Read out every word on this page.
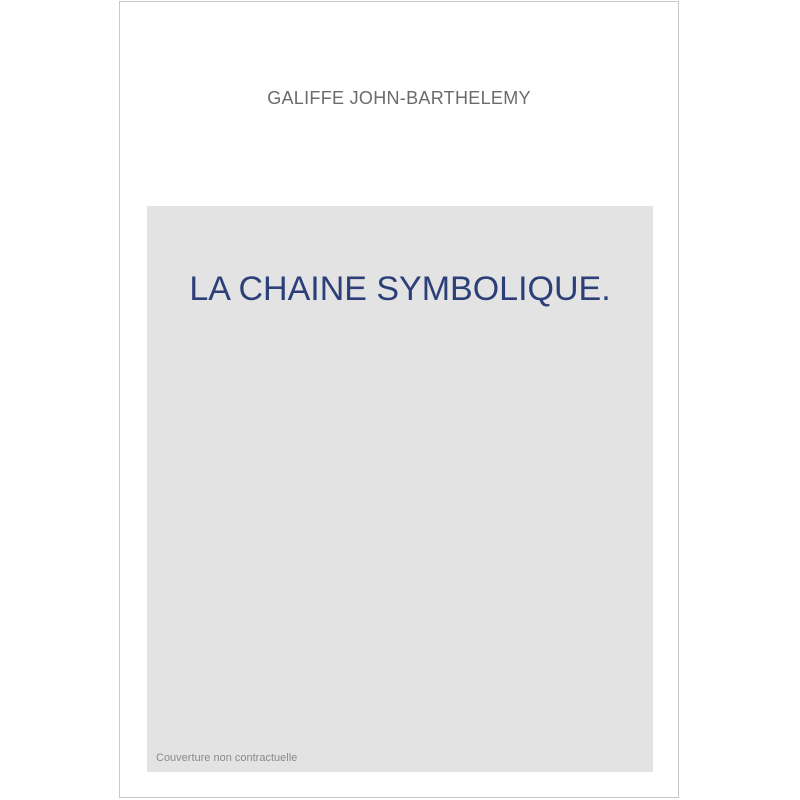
GALIFFE JOHN-BARTHELEMY
LA CHAINE SYMBOLIQUE.
Couverture non contractuelle
